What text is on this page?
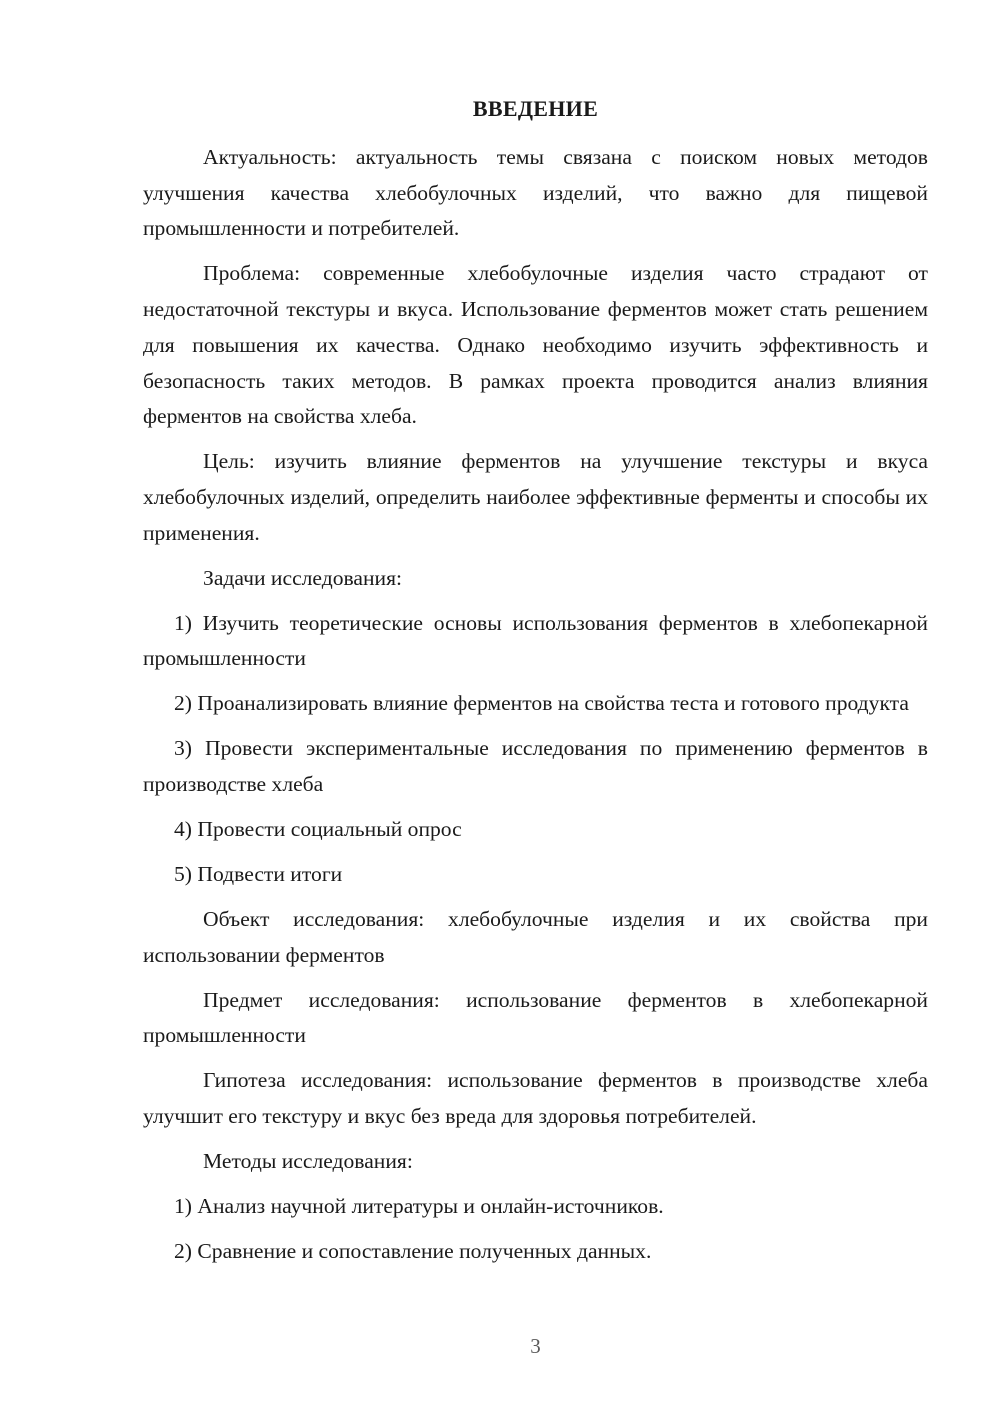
ВВЕДЕНИЕ

Актуальность: актуальность темы связана с поиском новых методов улучшения качества хлебобулочных изделий, что важно для пищевой промышленности и потребителей.

Проблема: современные хлебобулочные изделия часто страдают от недостаточной текстуры и вкуса. Использование ферментов может стать решением для повышения их качества. Однако необходимо изучить эффективность и безопасность таких методов. В рамках проекта проводится анализ влияния ферментов на свойства хлеба.

Цель: изучить влияние ферментов на улучшение текстуры и вкуса хлебобулочных изделий, определить наиболее эффективные ферменты и способы их применения.

Задачи исследования:

1) Изучить теоретические основы использования ферментов в хлебопекарной промышленности

2) Проанализировать влияние ферментов на свойства теста и готового продукта

3) Провести экспериментальные исследования по применению ферментов в производстве хлеба

4) Провести социальный опрос

5) Подвести итоги

Объект исследования: хлебобулочные изделия и их свойства при использовании ферментов

Предмет исследования: использование ферментов в хлебопекарной промышленности

Гипотеза исследования: использование ферментов в производстве хлеба улучшит его текстуру и вкус без вреда для здоровья потребителей.

Методы исследования:

1) Анализ научной литературы и онлайн-источников.

2) Сравнение и сопоставление полученных данных.

3
